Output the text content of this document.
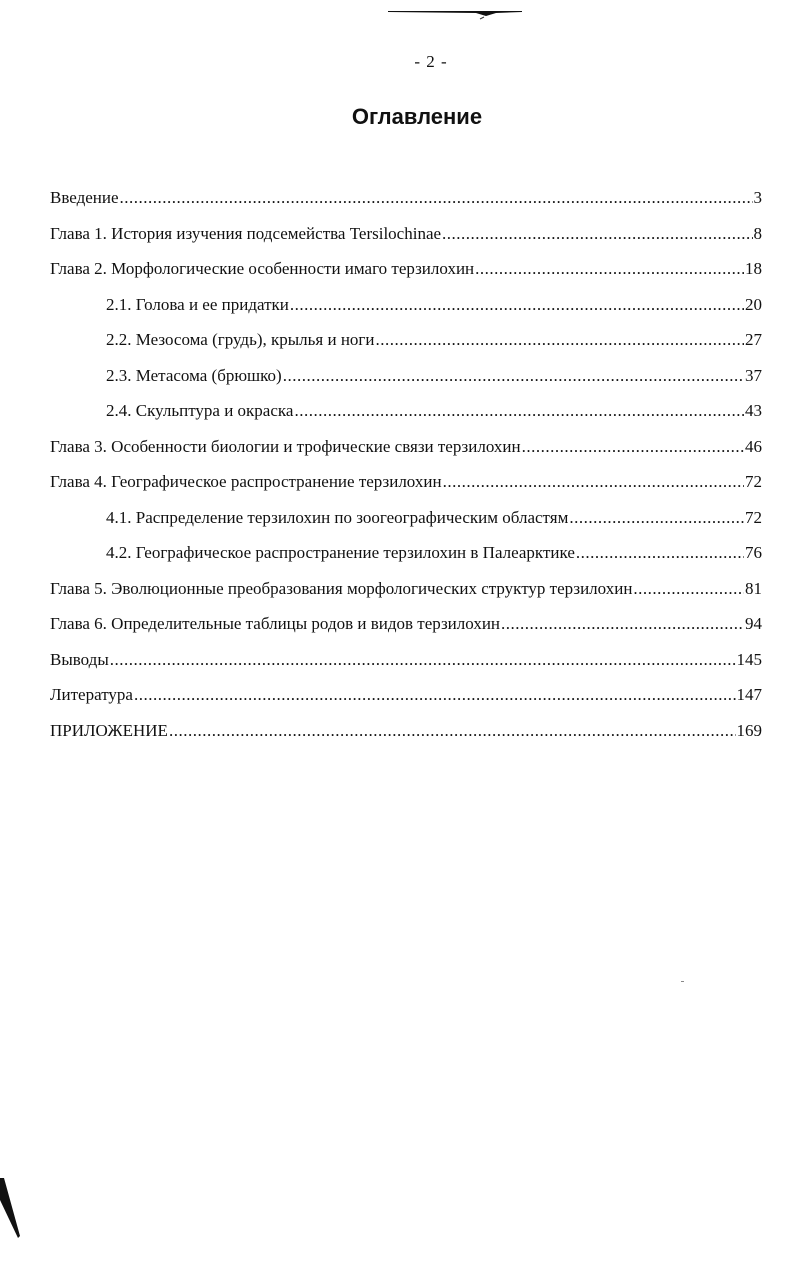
- 2 -
Оглавление
Введение .....	3
Глава 1. История изучения подсемейства Tersilochinae .....	8
Глава 2. Морфологические особенности имаго терзилохин .....	18
2.1. Голова и ее придатки .....	20
2.2. Мезосома (грудь), крылья и ноги .....	27
2.3. Метасома (брюшко) .....	37
2.4. Скульптура и окраска .....	43
Глава 3. Особенности биологии и трофические связи терзилохин .....	46
Глава 4. Географическое распространение терзилохин .....	72
4.1. Распределение терзилохин по зоогеографическим областям .....	72
4.2. Географическое распространение терзилохин в Палеарктике .....	76
Глава 5. Эволюционные преобразования морфологических структур терзилохин .....	81
Глава 6. Определительные таблицы родов и видов терзилохин .....	94
Выводы .....	145
Литература .....	147
ПРИЛОЖЕНИЕ .....	169
